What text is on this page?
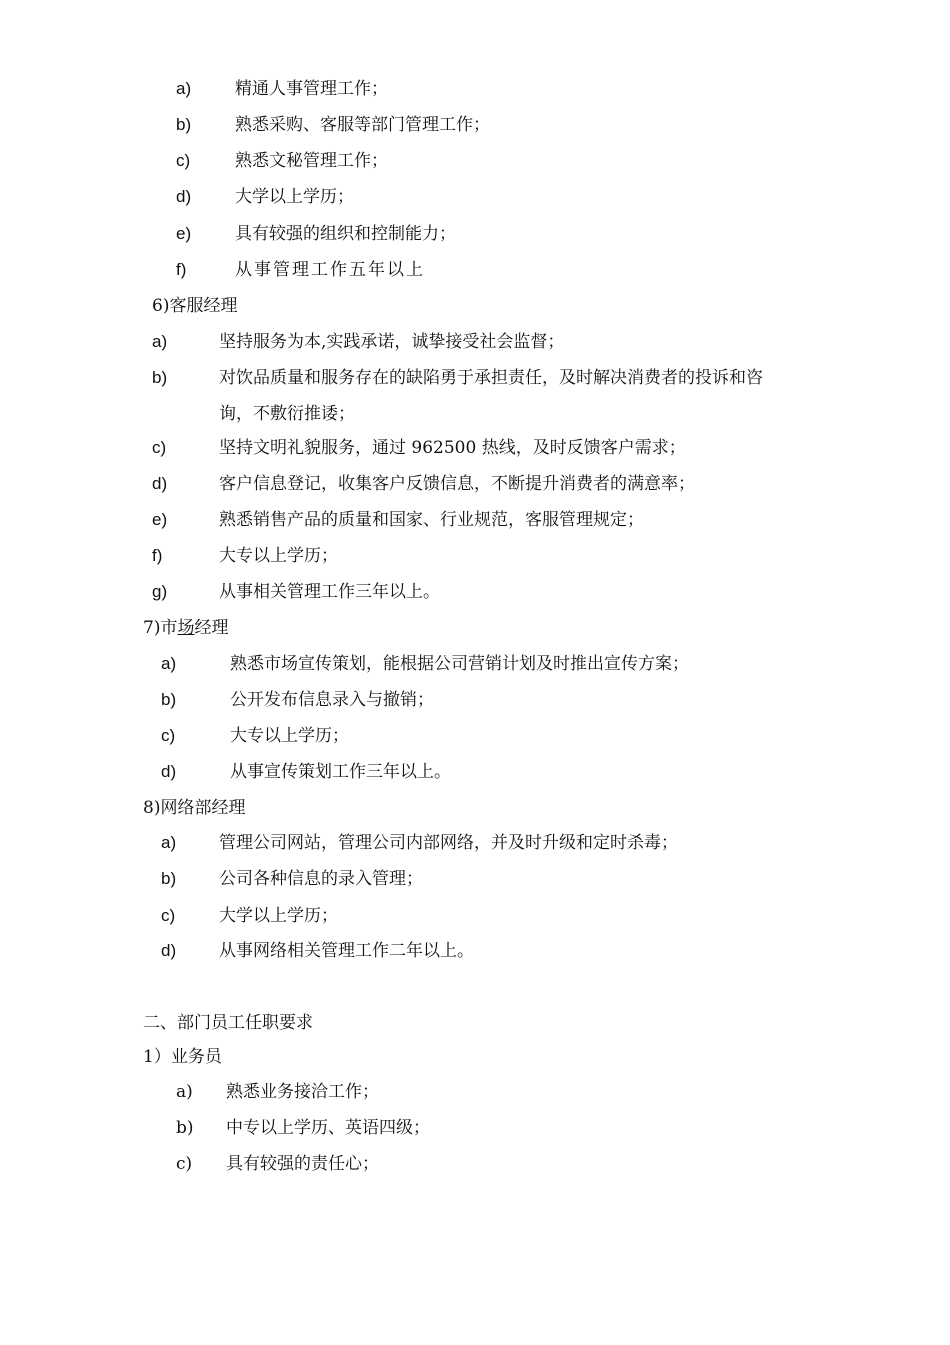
a)	精通人事管理工作；
b)	熟悉采购、客服等部门管理工作；
c)	熟悉文秘管理工作；
d)	大学以上学历；
e)	具有较强的组织和控制能力；
f)	从事管理工作五年以上
6)客服经理
a)	坚持服务为本,实践承诺，诚挚接受社会监督；
b)	对饮品质量和服务存在的缺陷勇于承担责任，及时解决消费者的投诉和咨
询，不敷衍推诿；
c)	坚持文明礼貌服务，通过 962500 热线，及时反馈客户需求；
d)	客户信息登记，收集客户反馈信息，不断提升消费者的满意率；
e)	熟悉销售产品的质量和国家、行业规范，客服管理规定；
f)	大专以上学历；
g)	从事相关管理工作三年以上。
7)市场经理
a)	熟悉市场宣传策划，能根据公司营销计划及时推出宣传方案；
b)	公开发布信息录入与撤销；
c)	大专以上学历；
d)	从事宣传策划工作三年以上。
8)网络部经理
a)	管理公司网站，管理公司内部网络，并及时升级和定时杀毒；
b)	公司各种信息的录入管理；
c)	大学以上学历；
d)	从事网络相关管理工作二年以上。
二、部门员工任职要求
1）业务员
a) 熟悉业务接洽工作；
b) 中专以上学历、英语四级；
c) 具有较强的责任心；
